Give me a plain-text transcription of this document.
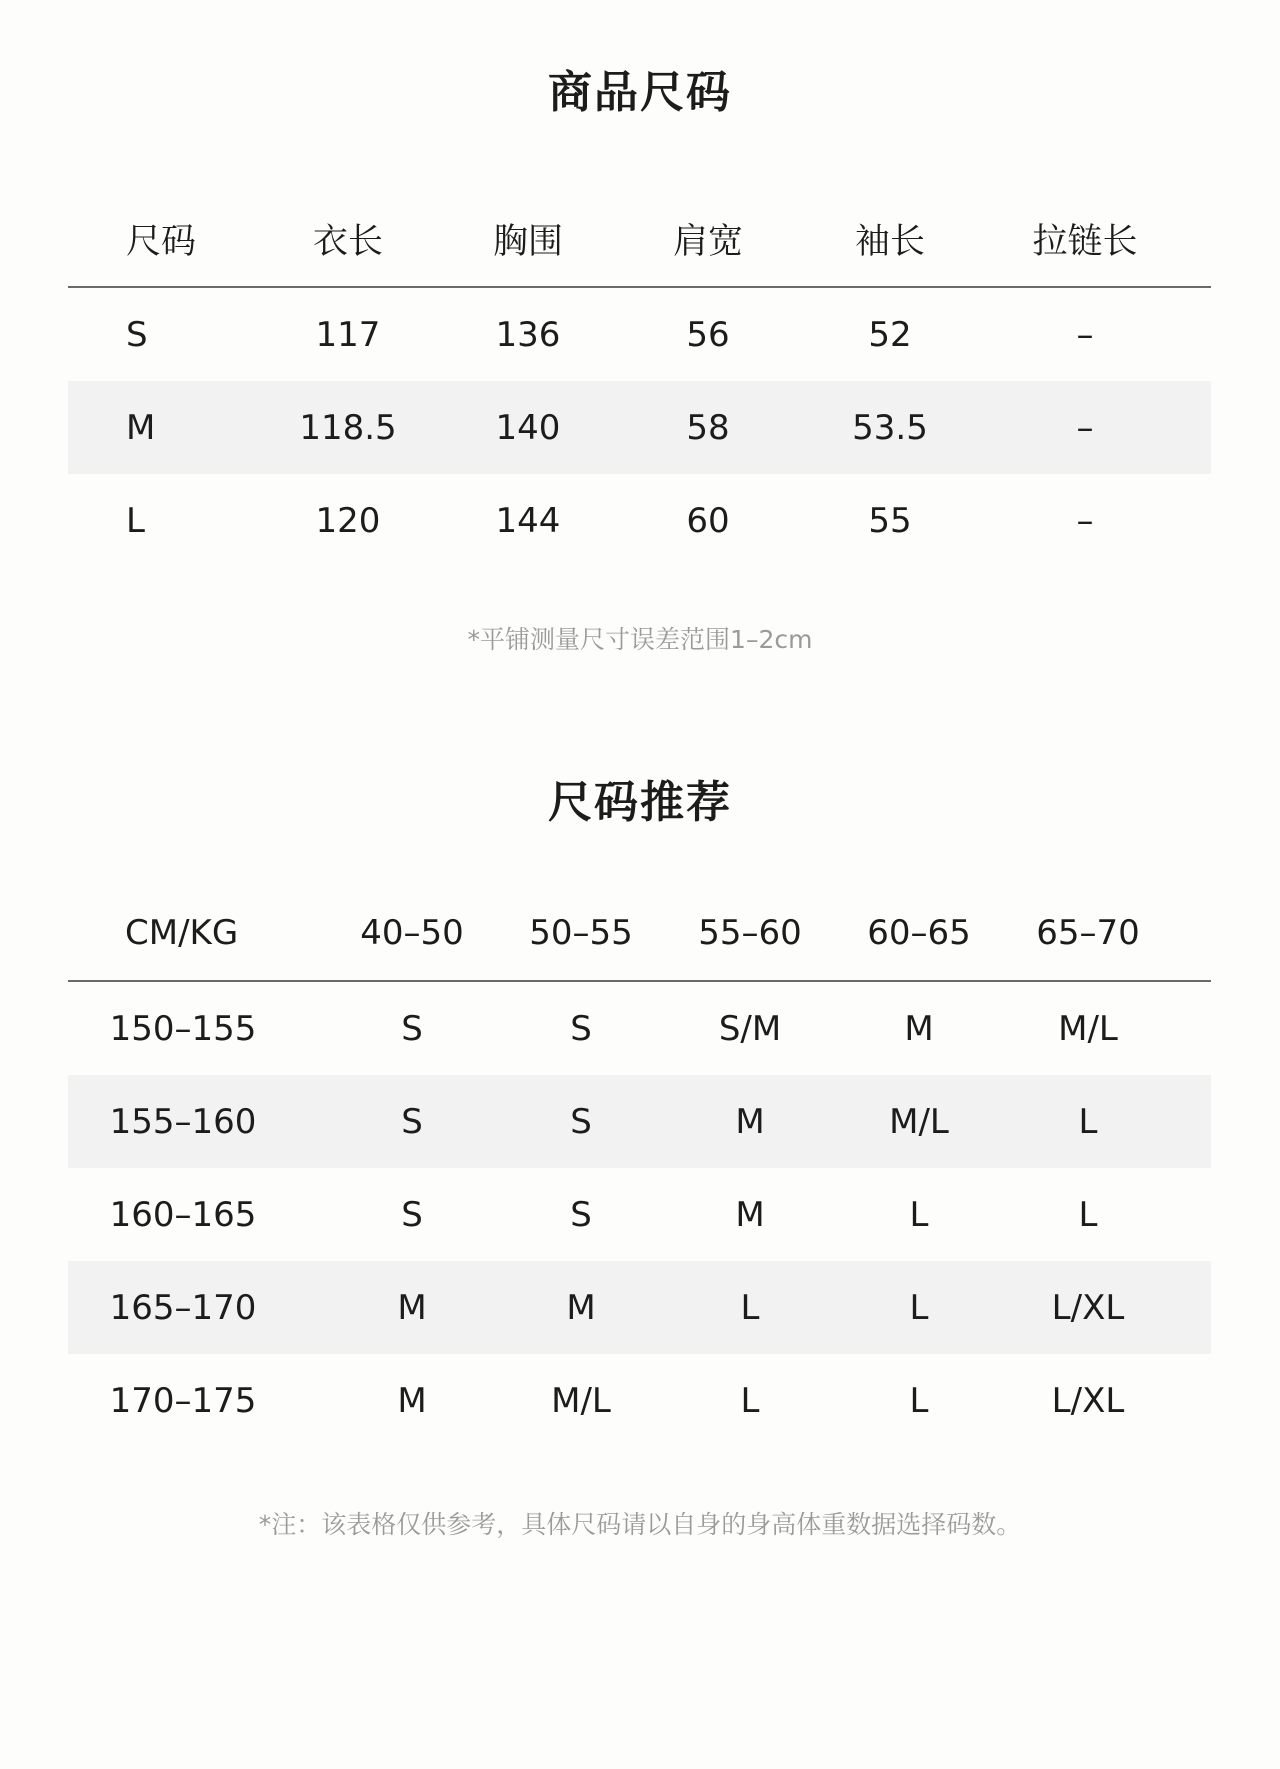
商品尺码
尺码	衣长	胸围	肩宽	袖长	拉链长
S	117	136	56	52	–
M	118.5	140	58	53.5	–
L	120	144	60	55	–

*平铺测量尺寸误差范围1–2cm

尺码推荐
CM/KG	40–50	50–55	55–60	60–65	65–70
150–155	S	S	S/M	M	M/L
155–160	S	S	M	M/L	L
160–165	S	S	M	L	L
165–170	M	M	L	L	L/XL
170–175	M	M/L	L	L	L/XL

*注：该表格仅供参考，具体尺码请以自身的身高体重数据选择码数。
